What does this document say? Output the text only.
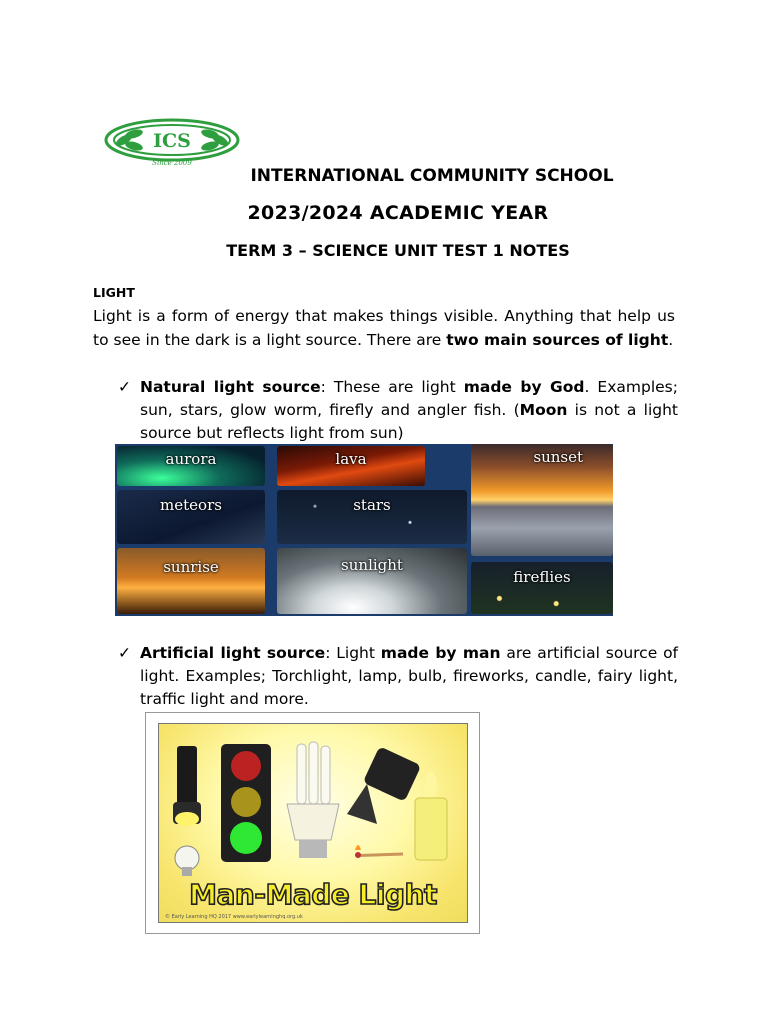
ICS
Since 2009
INTERNATIONAL COMMUNITY SCHOOL
2023/2024 ACADEMIC YEAR
TERM 3 – SCIENCE UNIT TEST 1 NOTES
LIGHT
Light is a form of energy that makes things visible. Anything that help us to see in the dark is a light source. There are two main sources of light.
✓ Natural light source: These are light made by God. Examples; sun, stars, glow worm, firefly and angler fish. (Moon is not a light source but reflects light from sun)
aurora	lava	sunset
meteors	stars
sunrise	sunlight
fireflies
✓ Artificial light source: Light made by man are artificial source of light. Examples; Torchlight, lamp, bulb, fireworks, candle, fairy light, traffic light and more.
Man-Made Light
© Early Learning HQ 2017 www.earlylearninghq.org.uk
